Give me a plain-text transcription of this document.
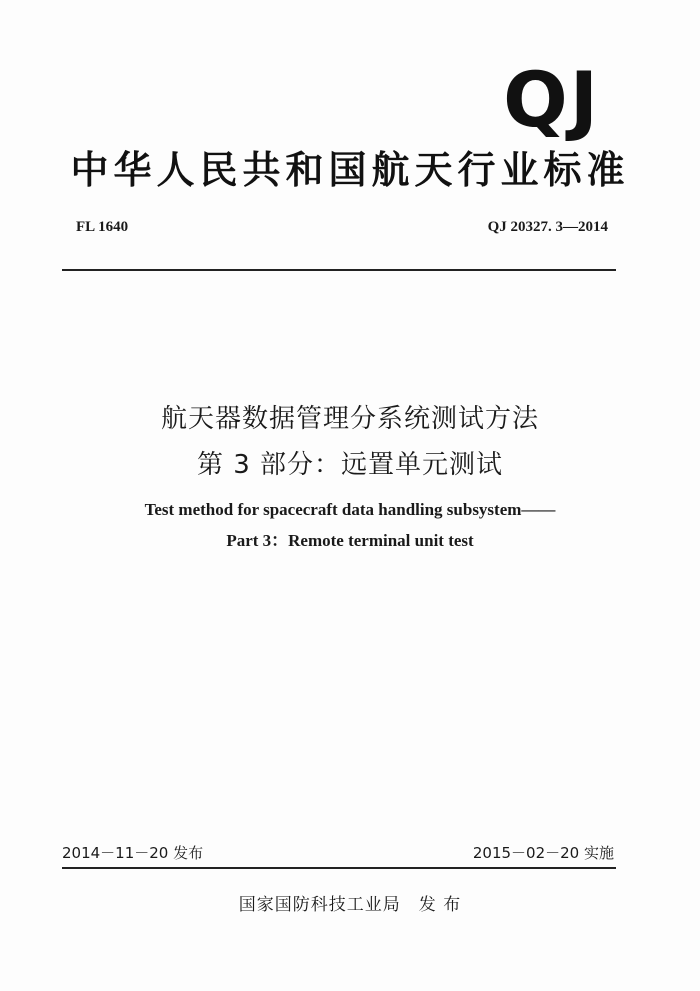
QJ
中华人民共和国航天行业标准
FL 1640	QJ 20327. 3—2014
航天器数据管理分系统测试方法
第 3 部分：远置单元测试
Test method for spacecraft data handling subsystem——
Part 3：Remote terminal unit test
2014－11－20 发布	2015－02－20 实施
国家国防科技工业局　发 布
